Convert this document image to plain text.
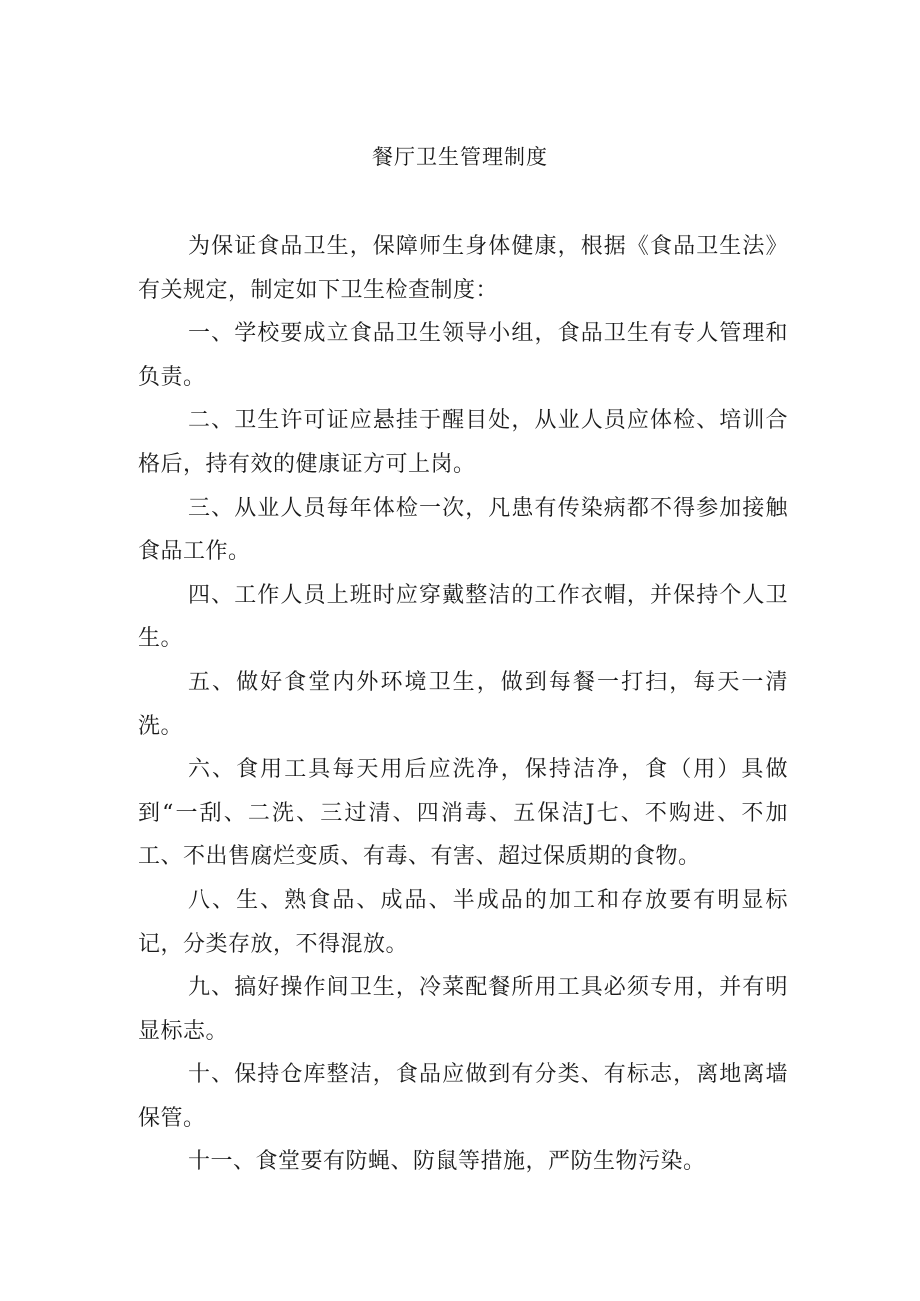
餐厅卫生管理制度

为保证食品卫生，保障师生身体健康，根据《食品卫生法》有关规定，制定如下卫生检查制度：

一、学校要成立食品卫生领导小组，食品卫生有专人管理和负责。

二、卫生许可证应悬挂于醒目处，从业人员应体检、培训合格后，持有效的健康证方可上岗。

三、从业人员每年体检一次，凡患有传染病都不得参加接触食品工作。

四、工作人员上班时应穿戴整洁的工作衣帽，并保持个人卫生。

五、做好食堂内外环境卫生，做到每餐一打扫，每天一清洗。

六、食用工具每天用后应洗净，保持洁净，食（用）具做到“一刮、二洗、三过清、四消毒、五保洁J七、不购进、不加工、不出售腐烂变质、有毒、有害、超过保质期的食物。

八、生、熟食品、成品、半成品的加工和存放要有明显标记，分类存放，不得混放。

九、搞好操作间卫生，冷菜配餐所用工具必须专用，并有明显标志。

十、保持仓库整洁，食品应做到有分类、有标志，离地离墙保管。

十一、食堂要有防蝇、防鼠等措施，严防生物污染。
